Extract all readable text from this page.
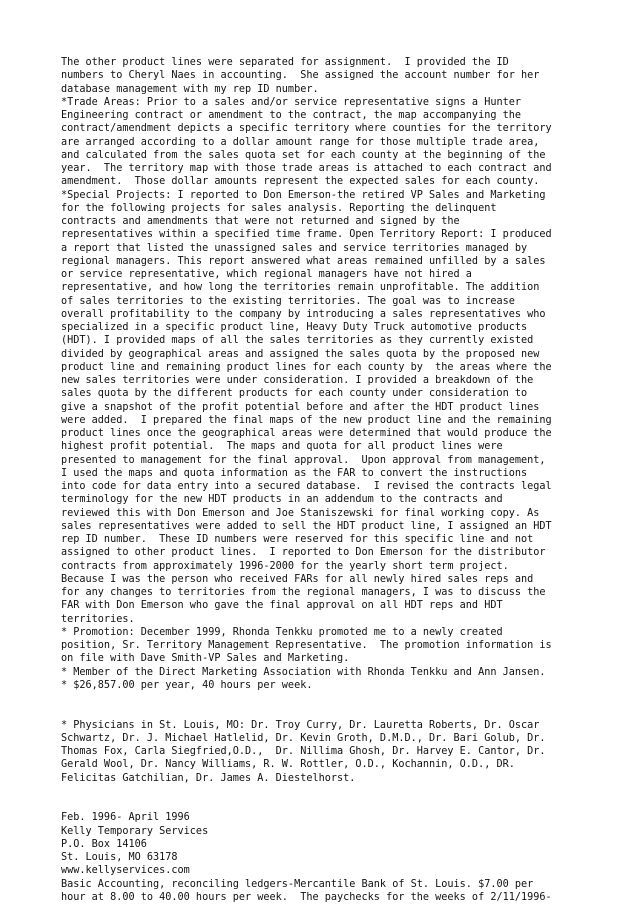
The other product lines were separated for assignment.  I provided the ID
numbers to Cheryl Naes in accounting.  She assigned the account number for her
database management with my rep ID number.
*Trade Areas: Prior to a sales and/or service representative signs a Hunter
Engineering contract or amendment to the contract, the map accompanying the
contract/amendment depicts a specific territory where counties for the territory
are arranged according to a dollar amount range for those multiple trade area,
and calculated from the sales quota set for each county at the beginning of the
year.  The territory map with those trade areas is attached to each contract and
amendment.  Those dollar amounts represent the expected sales for each county.
*Special Projects: I reported to Don Emerson-the retired VP Sales and Marketing
for the following projects for sales analysis. Reporting the delinquent
contracts and amendments that were not returned and signed by the
representatives within a specified time frame. Open Territory Report: I produced
a report that listed the unassigned sales and service territories managed by
regional managers. This report answered what areas remained unfilled by a sales
or service representative, which regional managers have not hired a
representative, and how long the territories remain unprofitable. The addition
of sales territories to the existing territories. The goal was to increase
overall profitability to the company by introducing a sales representatives who
specialized in a specific product line, Heavy Duty Truck automotive products
(HDT). I provided maps of all the sales territories as they currently existed
divided by geographical areas and assigned the sales quota by the proposed new
product line and remaining product lines for each county by  the areas where the
new sales territories were under consideration. I provided a breakdown of the
sales quota by the different products for each county under consideration to
give a snapshot of the profit potential before and after the HDT product lines
were added.  I prepared the final maps of the new product line and the remaining
product lines once the geographical areas were determined that would produce the
highest profit potential.  The maps and quota for all product lines were
presented to management for the final approval.  Upon approval from management,
I used the maps and quota information as the FAR to convert the instructions
into code for data entry into a secured database.  I revised the contracts legal
terminology for the new HDT products in an addendum to the contracts and
reviewed this with Don Emerson and Joe Staniszewski for final working copy. As
sales representatives were added to sell the HDT product line, I assigned an HDT
rep ID number.  These ID numbers were reserved for this specific line and not
assigned to other product lines.  I reported to Don Emerson for the distributor
contracts from approximately 1996-2000 for the yearly short term project.
Because I was the person who received FARs for all newly hired sales reps and
for any changes to territories from the regional managers, I was to discuss the
FAR with Don Emerson who gave the final approval on all HDT reps and HDT
territories.
* Promotion: December 1999, Rhonda Tenkku promoted me to a newly created
position, Sr. Territory Management Representative.  The promotion information is
on file with Dave Smith-VP Sales and Marketing.
* Member of the Direct Marketing Association with Rhonda Tenkku and Ann Jansen.
* $26,857.00 per year, 40 hours per week.
* Physicians in St. Louis, MO: Dr. Troy Curry, Dr. Lauretta Roberts, Dr. Oscar
Schwartz, Dr. J. Michael Hatlelid, Dr. Kevin Groth, D.M.D., Dr. Bari Golub, Dr.
Thomas Fox, Carla Siegfried,O.D.,  Dr. Nillima Ghosh, Dr. Harvey E. Cantor, Dr.
Gerald Wool, Dr. Nancy Williams, R. W. Rottler, O.D., Kochannin, O.D., DR.
Felicitas Gatchilian, Dr. James A. Diestelhorst.
Feb. 1996- April 1996
Kelly Temporary Services
P.O. Box 14106
St. Louis, MO 63178
www.kellyservices.com
Basic Accounting, reconciling ledgers-Mercantile Bank of St. Louis. $7.00 per
hour at 8.00 to 40.00 hours per week.  The paychecks for the weeks of 2/11/1996-
